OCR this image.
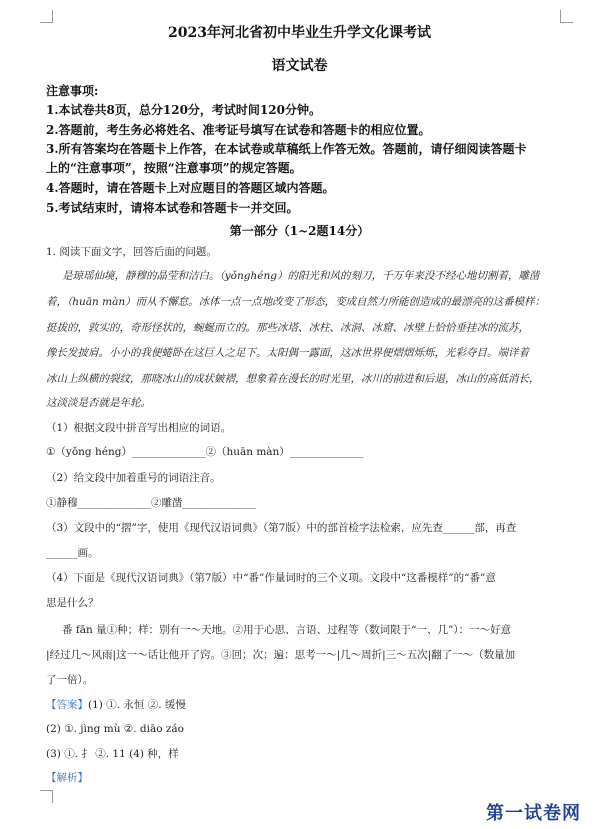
2023年河北省初中毕业生升学文化课考试
语文试卷
注意事项:
1.本试卷共8页，总分120分，考试时间120分钟。
2.答题前，考生务必将姓名、准考证号填写在试卷和答题卡的相应位置。
3.所有答案均在答题卡上作答，在本试卷或草稿纸上作答无效。答题前，请仔细阅读答题卡
上的“注意事项”，按照“注意事项”的规定答题。
4.答题时，请在答题卡上对应题目的答题区域内答题。
5.考试结束时，请将本试卷和答题卡一并交回。
第一部分（1~2题14分）
1. 阅读下面文字，回答后面的问题。
是琼瑶仙境，静穆的晶莹和洁白。（yǒnghéng）的阳光和风的刻刀，千万年来没不经心地切割着，雕凿
着，（huān màn）而从不懈怠。冰体一点一点地改变了形态，变成自然力所能创造成的最漂亮的这番模样：
挺拔的，敦实的，奇形怪状的，蜿蜒而立的。那些冰塔、冰柱、冰洞、冰窟、冰壁上恰恰垂挂冰的流苏，
像长发披肩。小小的我便蜷卧在这巨人之足下。太阳偶一露面，这冰世界便熠熠烁烁，光彩夺目。端详着
冰山上纵横的裂纹，那晓冰山的成状皴褶，想象着在漫长的时光里，冰川的前进和后退，冰山的高低消长，
这淡淡是否就是年轮。
（1）根据文段中拼音写出相应的词语。
①（yǒng héng）______________②（huān màn）______________
（2）给文段中加着重号的词语注音。
①静穆______________②雕凿______________
（3）文段中的“摺”字，使用《现代汉语词典》（第7版）中的部首检字法检索，应先查______部，再查
______画。
（4）下面是《现代汉语词典》（第7版）中“番”作量词时的三个义项。文段中“这番模样”的“番”意
思是什么？
番 fān 量①种；样：别有一～天地。②用于心思、言语、过程等（数词限于“一、几”）：一～好意
|经过几～风雨|这一～话让他开了窍。③回；次；遍：思考一～|几～周折|三～五次|翻了一～（数量加
了一倍）。
【答案】(1) ①. 永恒 ②. 缓慢
(2) ①. jìng mù ②. diāo záo
(3) ①. 扌 ②. 11 (4) 种，样
【解析】
第一试卷网
